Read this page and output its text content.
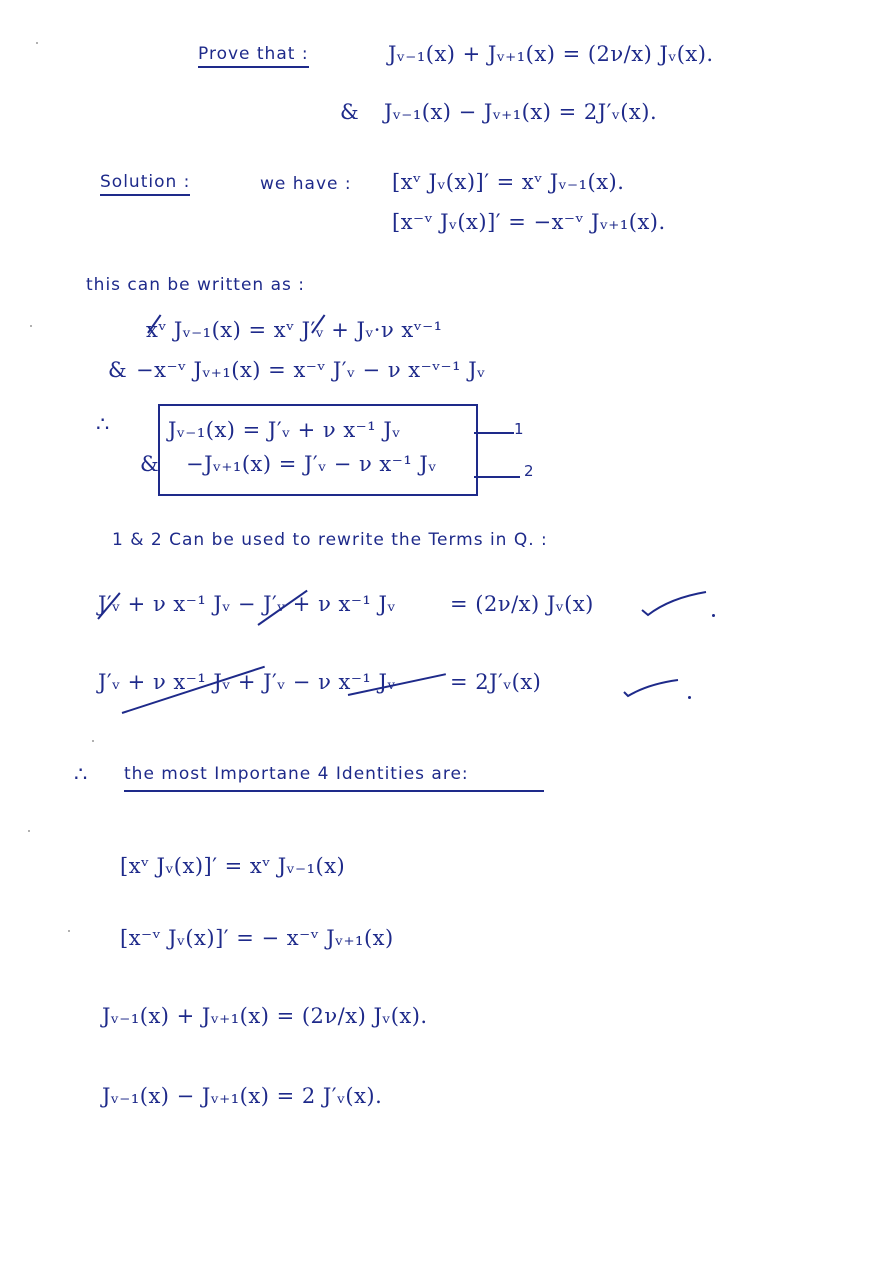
Prove that :	Jᵥ₋₁(x) + Jᵥ₊₁(x) = (2ν/x) Jᵥ(x).
& Jᵥ₋₁(x) − Jᵥ₊₁(x) = 2J′ᵥ(x).
Solution :	we have : [xᵛ Jᵥ(x)]′ = xᵛ Jᵥ₋₁(x).
[x⁻ᵛ Jᵥ(x)]′ = −x⁻ᵛ Jᵥ₊₁(x).
this can be written as :
xᵛ Jᵥ₋₁(x) = xᵛ J′ᵥ + Jᵥ·ν xᵛ⁻¹
& −x⁻ᵛ Jᵥ₊₁(x) = x⁻ᵛ J′ᵥ − ν x⁻ᵛ⁻¹ Jᵥ
∴	Jᵥ₋₁(x) = J′ᵥ + ν x⁻¹ Jᵥ
& −Jᵥ₊₁(x) = J′ᵥ − ν x⁻¹ Jᵥ
1
2
1 & 2 Can be used to rewrite the Terms in Q. :
J′ᵥ + ν x⁻¹ Jᵥ − J′ᵥ + ν x⁻¹ Jᵥ	= (2ν/x) Jᵥ(x)
J′ᵥ + ν x⁻¹ Jᵥ + J′ᵥ − ν x⁻¹ Jᵥ	= 2J′ᵥ(x)
∴ the most Importane 4 Identities are:
[xᵛ Jᵥ(x)]′ = xᵛ Jᵥ₋₁(x)
[x⁻ᵛ Jᵥ(x)]′ = − x⁻ᵛ Jᵥ₊₁(x)
Jᵥ₋₁(x) + Jᵥ₊₁(x) = (2ν/x) Jᵥ(x).
Jᵥ₋₁(x) − Jᵥ₊₁(x) = 2 J′ᵥ(x).
